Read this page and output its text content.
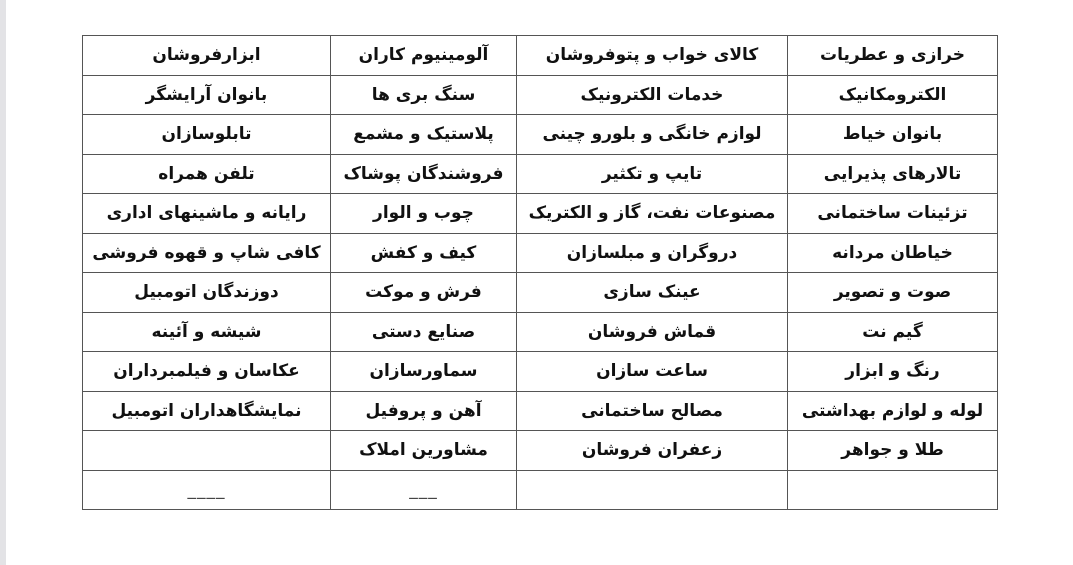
خرازی و عطریات	کالای خواب و پتوفروشان	آلومینیوم کاران	ابزارفروشان
الکترومکانیک	خدمات الکترونیک	سنگ بری ها	بانوان آرایشگر
بانوان خیاط	لوازم خانگی و بلورو چینی	پلاستیک و مشمع	تابلوسازان
تالارهای پذیرایی	تایپ و تکثیر	فروشندگان پوشاک	تلفن همراه
تزئینات ساختمانی	مصنوعات نفت، گاز و الکتریک	چوب و الوار	رایانه و ماشینهای اداری
خیاطان مردانه	دروگران و مبلسازان	کیف و کفش	کافی شاپ و قهوه فروشی
صوت و تصویر	عینک سازی	فرش و موکت	دوزندگان اتومبیل
گیم نت	قماش فروشان	صنایع دستی	شیشه و آئینه
رنگ و ابزار	ساعت سازان	سماورسازان	عکاسان و فیلمبرداران
لوله و لوازم بهداشتی	مصالح ساختمانی	آهن و پروفیل	نمایشگاهداران اتومبیل
طلا و جواهر	زعفران فروشان	مشاورین املاک	
		___	____
